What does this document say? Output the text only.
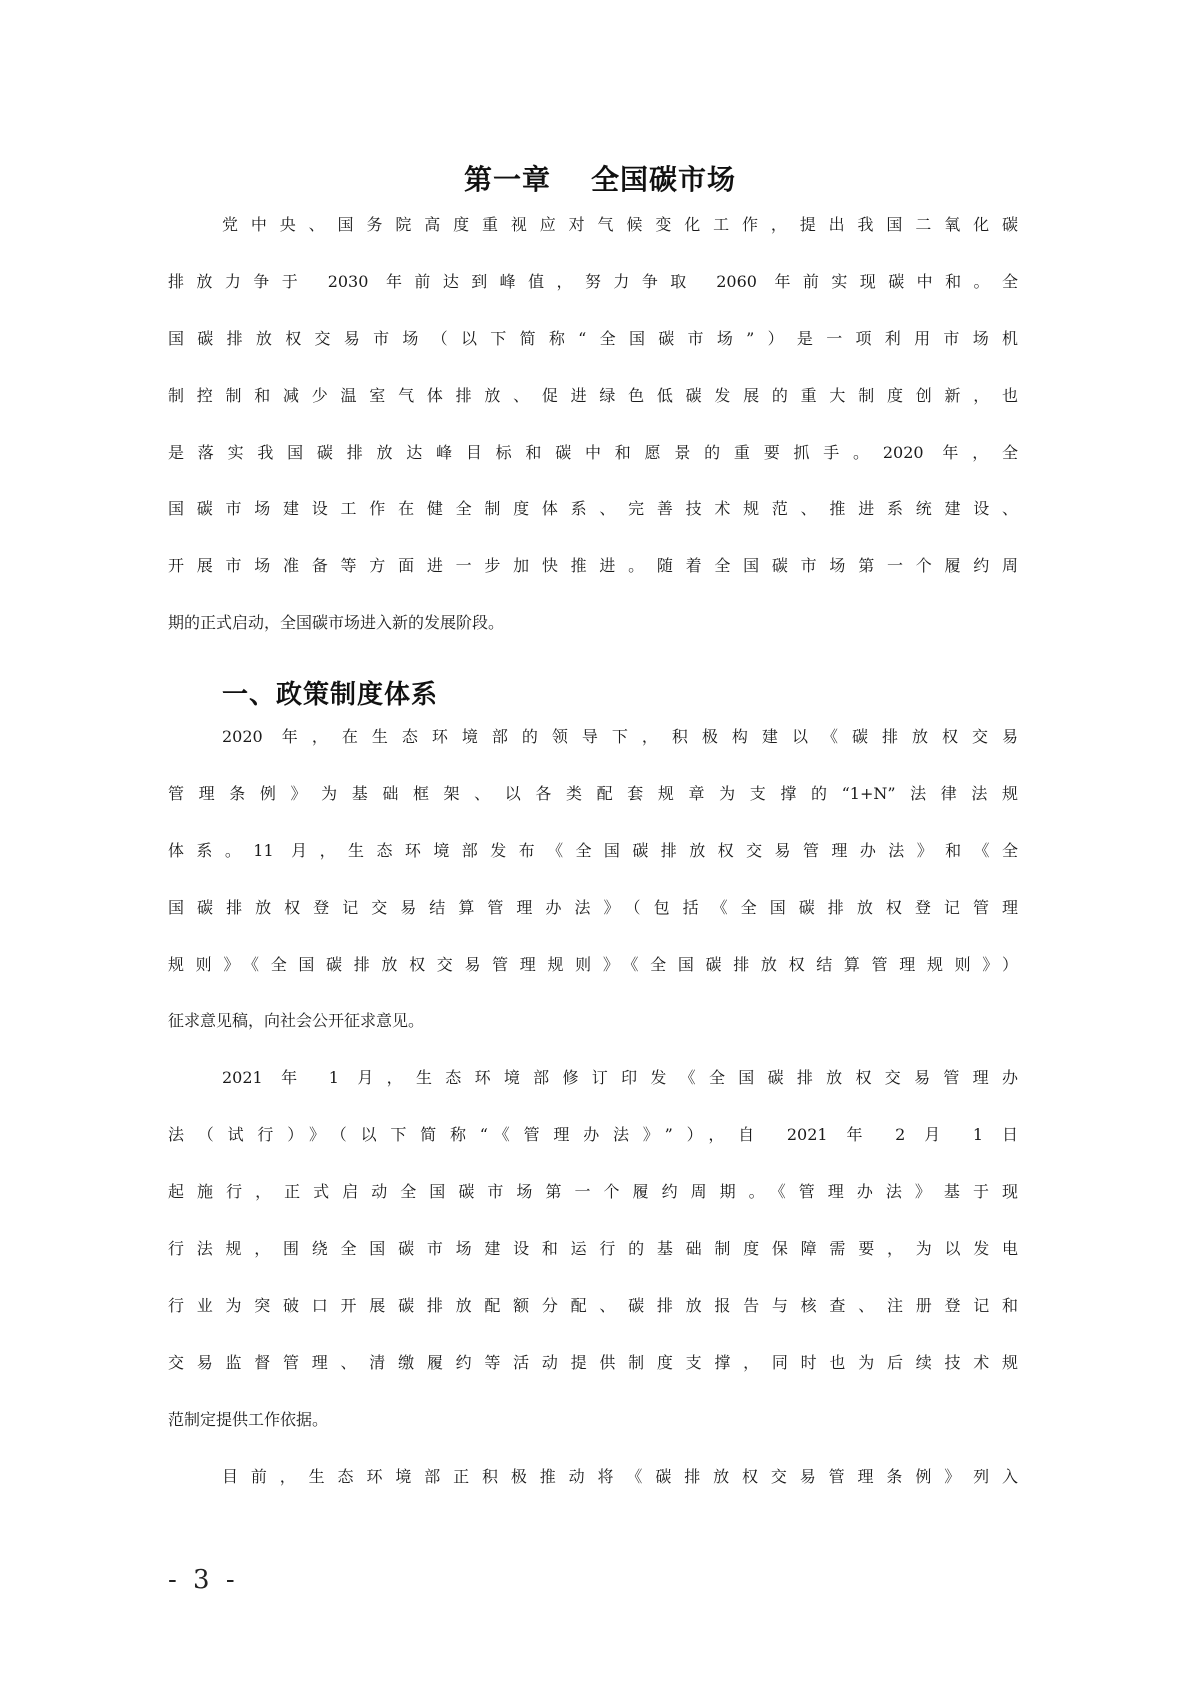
第一章 全国碳市场
党中央、国务院高度重视应对气候变化工作，提出我国二氧化碳
排放力争于 2030 年前达到峰值，努力争取 2060 年前实现碳中和。全
国碳排放权交易市场（以下简称“全国碳市场”）是一项利用市场机
制控制和减少温室气体排放、促进绿色低碳发展的重大制度创新，也
是落实我国碳排放达峰目标和碳中和愿景的重要抓手。2020 年，全
国碳市场建设工作在健全制度体系、完善技术规范、推进系统建设、
开展市场准备等方面进一步加快推进。随着全国碳市场第一个履约周
期的正式启动，全国碳市场进入新的发展阶段。
一、政策制度体系
2020 年，在生态环境部的领导下，积极构建以《碳排放权交易
管理条例》为基础框架、以各类配套规章为支撑的“1+N”法律法规
体系。11 月，生态环境部发布《全国碳排放权交易管理办法》和《全
国碳排放权登记交易结算管理办法》（包括《全国碳排放权登记管理
规则》《全国碳排放权交易管理规则》《全国碳排放权结算管理规则》）
征求意见稿，向社会公开征求意见。
2021 年 1 月，生态环境部修订印发《全国碳排放权交易管理办
法（试行）》（以下简称“《管理办法》”），自 2021 年 2 月 1 日
起施行，正式启动全国碳市场第一个履约周期。《管理办法》基于现
行法规，围绕全国碳市场建设和运行的基础制度保障需要，为以发电
行业为突破口开展碳排放配额分配、碳排放报告与核查、注册登记和
交易监督管理、清缴履约等活动提供制度支撑，同时也为后续技术规
范制定提供工作依据。
目前，生态环境部正积极推动将《碳排放权交易管理条例》列入
- 3 -
